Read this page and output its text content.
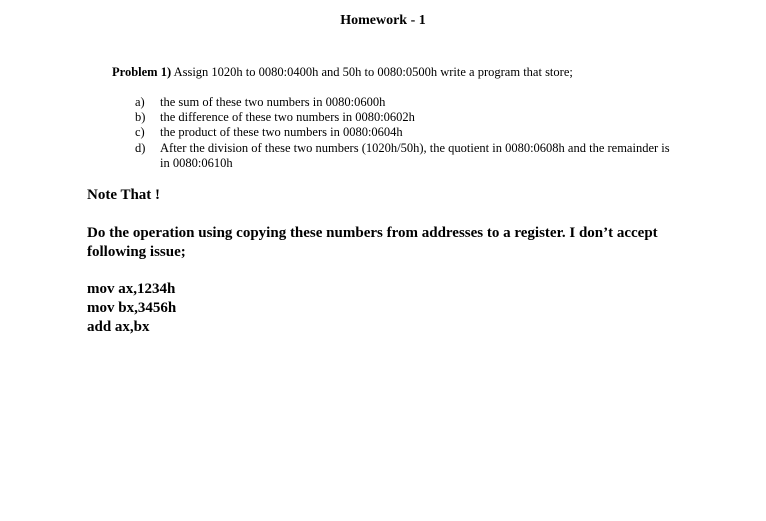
Homework - 1
Problem 1) Assign 1020h to 0080:0400h and 50h to 0080:0500h write a program that store;
a) the sum of these two numbers in 0080:0600h
b) the difference of these two numbers in 0080:0602h
c) the product of these two numbers in 0080:0604h
d) After the division of these two numbers (1020h/50h), the quotient in 0080:0608h and the remainder is in 0080:0610h
Note That !
Do the operation using copying these numbers from addresses to a register. I don’t accept following issue;
mov ax,1234h
mov bx,3456h
add ax,bx
